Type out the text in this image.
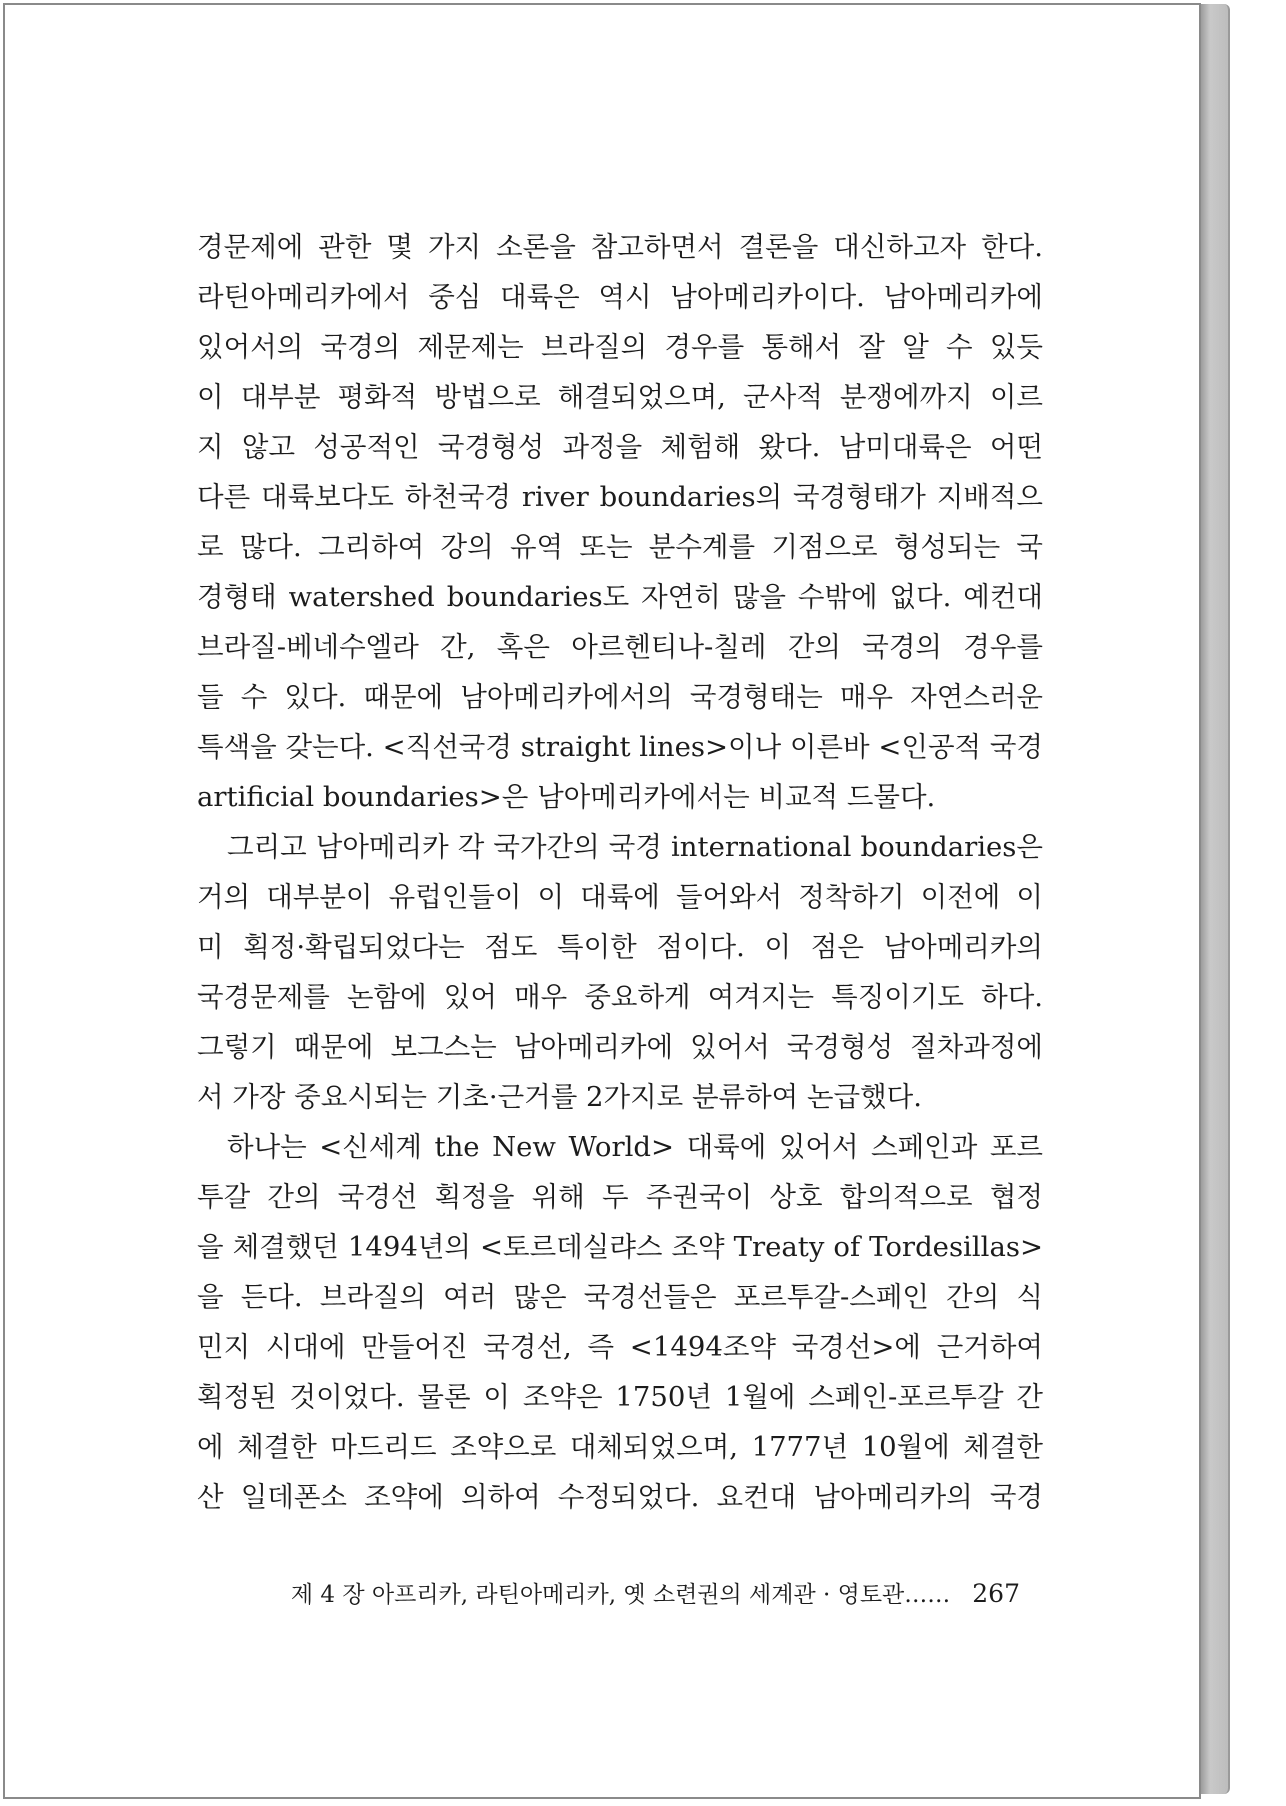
경문제에 관한 몇 가지 소론을 참고하면서 결론을 대신하고자 한다.
라틴아메리카에서 중심 대륙은 역시 남아메리카이다. 남아메리카에
있어서의 국경의 제문제는 브라질의 경우를 통해서 잘 알 수 있듯
이 대부분 평화적 방법으로 해결되었으며, 군사적 분쟁에까지 이르
지 않고 성공적인 국경형성 과정을 체험해 왔다. 남미대륙은 어떤
다른 대륙보다도 하천국경 river boundaries의 국경형태가 지배적으
로 많다. 그리하여 강의 유역 또는 분수계를 기점으로 형성되는 국
경형태 watershed boundaries도 자연히 많을 수밖에 없다. 예컨대
브라질-베네수엘라 간, 혹은 아르헨티나-칠레 간의 국경의 경우를
들 수 있다. 때문에 남아메리카에서의 국경형태는 매우 자연스러운
특색을 갖는다. <직선국경 straight lines>이나 이른바 <인공적 국경
artificial boundaries>은 남아메리카에서는 비교적 드물다.
그리고 남아메리카 각 국가간의 국경 international boundaries은
거의 대부분이 유럽인들이 이 대륙에 들어와서 정착하기 이전에 이
미 획정·확립되었다는 점도 특이한 점이다. 이 점은 남아메리카의
국경문제를 논함에 있어 매우 중요하게 여겨지는 특징이기도 하다.
그렇기 때문에 보그스는 남아메리카에 있어서 국경형성 절차과정에
서 가장 중요시되는 기초·근거를 2가지로 분류하여 논급했다.
하나는 <신세계 the New World> 대륙에 있어서 스페인과 포르
투갈 간의 국경선 획정을 위해 두 주권국이 상호 합의적으로 협정
을 체결했던 1494년의 <토르데실랴스 조약 Treaty of Tordesillas>
을 든다. 브라질의 여러 많은 국경선들은 포르투갈-스페인 간의 식
민지 시대에 만들어진 국경선, 즉 <1494조약 국경선>에 근거하여
획정된 것이었다. 물론 이 조약은 1750년 1월에 스페인-포르투갈 간
에 체결한 마드리드 조약으로 대체되었으며, 1777년 10월에 체결한
산 일데폰소 조약에 의하여 수정되었다. 요컨대 남아메리카의 국경
제 4 장 아프리카, 라틴아메리카, 옛 소련권의 세계관 · 영토관…… 267
